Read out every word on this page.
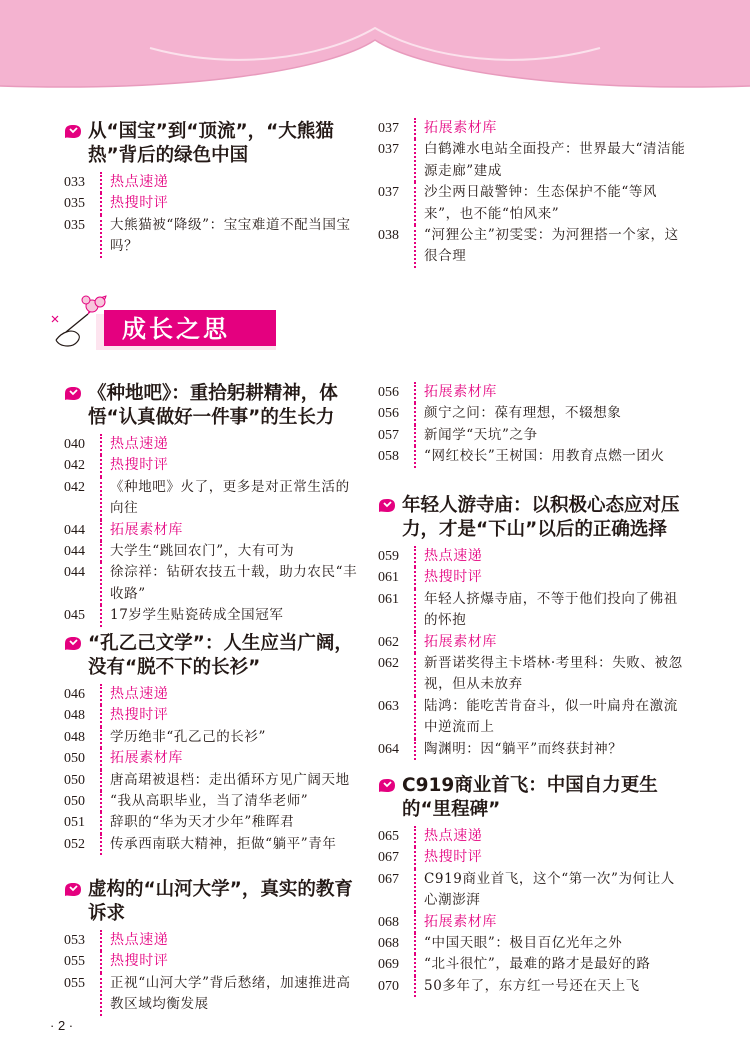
成长之思
从“国宝”到“顶流”，“大熊猫热”背后的绿色中国
033	热点速递
035	热搜时评
035	大熊猫被“降级”：宝宝难道不配当国宝吗？
《种地吧》：重拾躬耕精神，体悟“认真做好一件事”的生长力
040	热点速递
042	热搜时评
042	《种地吧》火了，更多是对正常生活的向往
044	拓展素材库
044	大学生“跳回农门”，大有可为
044	徐淙祥：钻研农技五十载，助力农民“丰收路”
045	17岁学生贴瓷砖成全国冠军
“孔乙己文学”：人生应当广阔，没有“脱不下的长衫”
046	热点速递
048	热搜时评
048	学历绝非“孔乙己的长衫”
050	拓展素材库
050	唐高珺被退档：走出循环方见广阔天地
050	“我从高职毕业，当了清华老师”
051	辞职的“华为天才少年”稚晖君
052	传承西南联大精神，拒做“躺平”青年
虚构的“山河大学”，真实的教育诉求
053	热点速递
055	热搜时评
055	正视“山河大学”背后愁绪，加速推进高教区域均衡发展
037	拓展素材库
037	白鹤滩水电站全面投产：世界最大“清洁能源走廊”建成
037	沙尘两日敲警钟：生态保护不能“等风来”，也不能“怕风来”
038	“河狸公主”初雯雯：为河狸搭一个家，这很合理
056	拓展素材库
056	颜宁之问：葆有理想，不辍想象
057	新闻学“天坑”之争
058	“网红校长”王树国：用教育点燃一团火
年轻人游寺庙：以积极心态应对压力，才是“下山”以后的正确选择
059	热点速递
061	热搜时评
061	年轻人挤爆寺庙，不等于他们投向了佛祖的怀抱
062	拓展素材库
062	新晋诺奖得主卡塔林·考里科：失败、被忽视，但从未放弃
063	陆鸿：能吃苦肯奋斗，似一叶扁舟在激流中逆流而上
064	陶渊明：因“躺平”而终获封神？
C919商业首飞：中国自力更生的“里程碑”
065	热点速递
067	热搜时评
067	C919商业首飞，这个“第一次”为何让人心潮澎湃
068	拓展素材库
068	“中国天眼”：极目百亿光年之外
069	“北斗很忙”，最难的路才是最好的路
070	50多年了，东方红一号还在天上飞
· 2 ·
